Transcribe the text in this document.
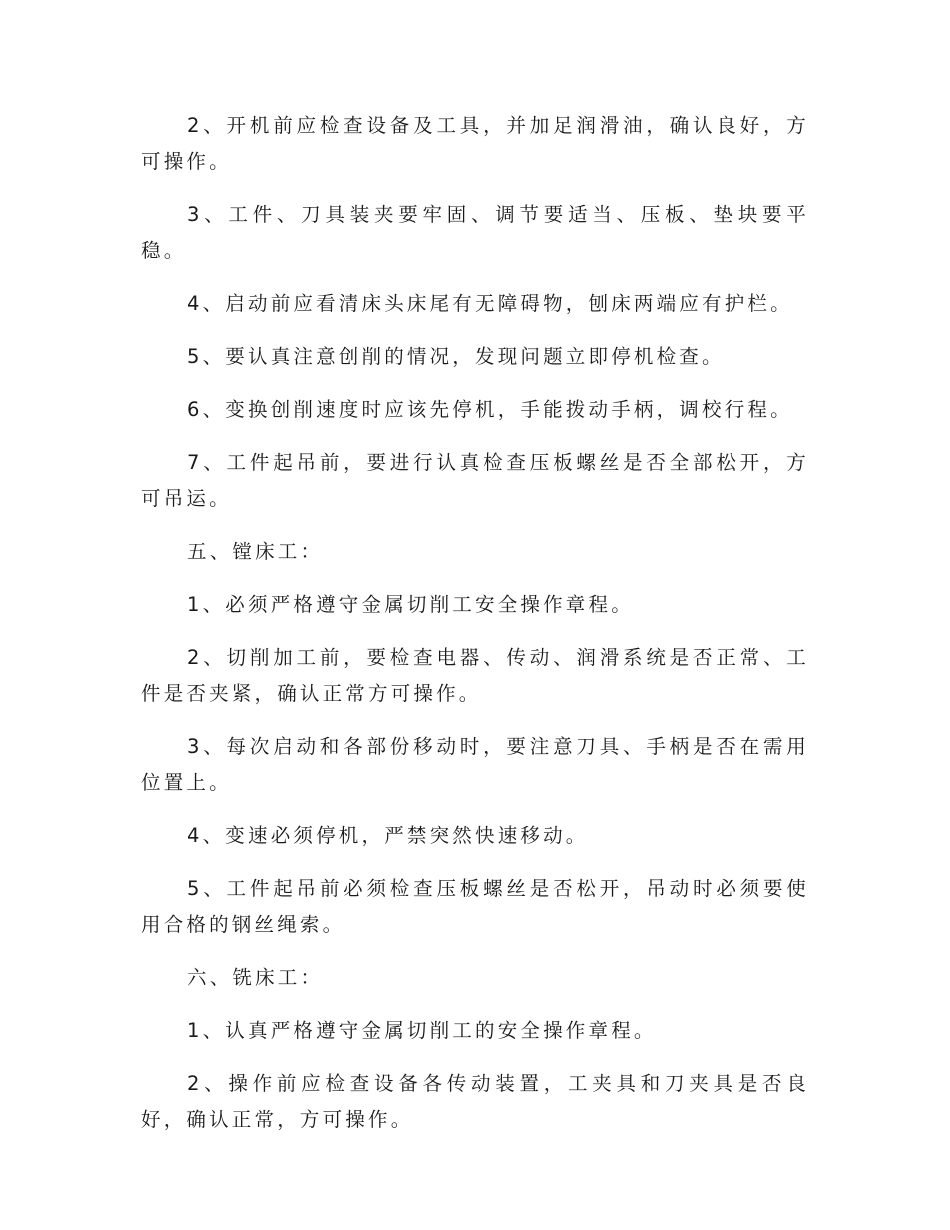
2、开机前应检查设备及工具，并加足润滑油，确认良好，方可操作。

3、工件、刀具装夹要牢固、调节要适当、压板、垫块要平稳。

4、启动前应看清床头床尾有无障碍物，刨床两端应有护栏。

5、要认真注意创削的情况，发现问题立即停机检查。

6、变换创削速度时应该先停机，手能拨动手柄，调校行程。

7、工件起吊前，要进行认真检查压板螺丝是否全部松开，方可吊运。

五、镗床工：

1、必须严格遵守金属切削工安全操作章程。

2、切削加工前，要检查电器、传动、润滑系统是否正常、工件是否夹紧，确认正常方可操作。

3、每次启动和各部份移动时，要注意刀具、手柄是否在需用位置上。

4、变速必须停机，严禁突然快速移动。

5、工件起吊前必须检查压板螺丝是否松开，吊动时必须要使用合格的钢丝绳索。

六、铣床工：

1、认真严格遵守金属切削工的安全操作章程。

2、操作前应检查设备各传动装置，工夹具和刀夹具是否良好，确认正常，方可操作。
